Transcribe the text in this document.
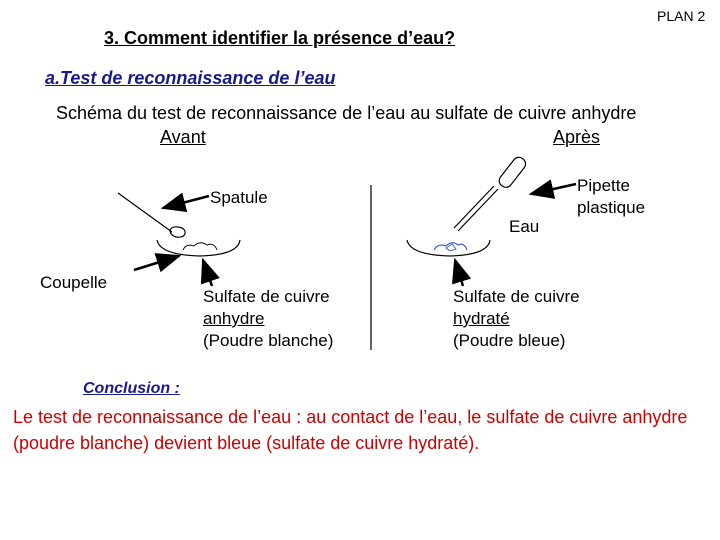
PLAN 2
3. Comment identifier la présence d’eau?
a.Test de reconnaissance de l’eau
Schéma du test de reconnaissance de l’eau au sulfate de cuivre anhydre
Avant	Après
Spatule
Eau
Pipette
plastique
Coupelle
Sulfate de cuivre
anhydre
(Poudre blanche)
Sulfate de cuivre
hydraté
(Poudre bleue)
Conclusion :
Le test de reconnaissance de l’eau : au contact de l’eau, le sulfate de cuivre anhydre (poudre blanche) devient bleue (sulfate de cuivre hydraté).
